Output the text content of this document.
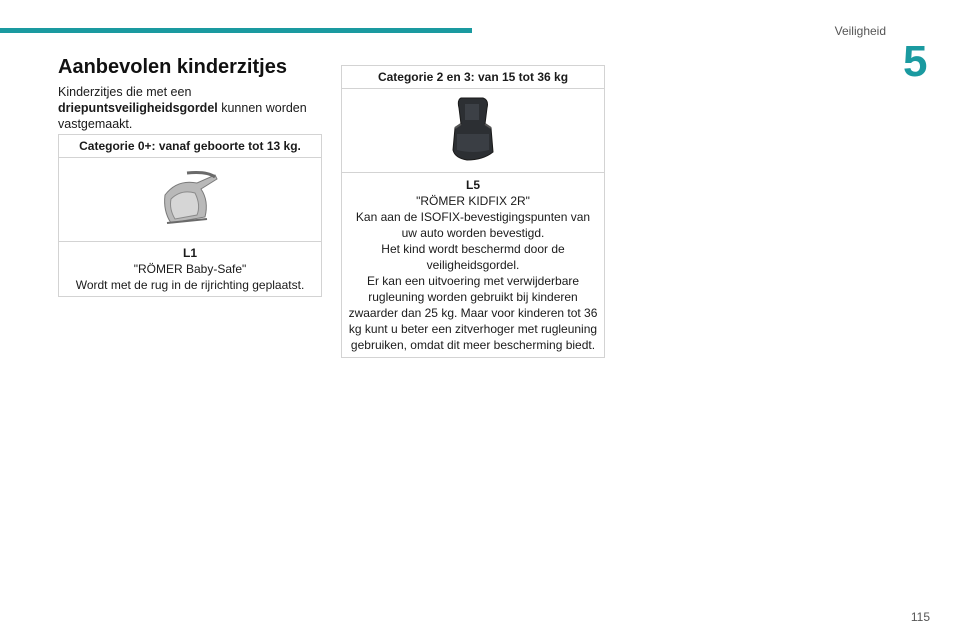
Veiligheid
5
Aanbevolen kinderzitjes

Kinderzitjes die met een
driepuntsveiligheidsgordel kunnen worden vastgemaakt.

Categorie 0+: vanaf geboorte tot 13 kg.

L1
"RÖMER Baby-Safe"
Wordt met de rug in de rijrichting geplaatst.
Categorie 2 en 3: van 15 tot 36 kg

L5
"RÖMER KIDFIX 2R"
Kan aan de ISOFIX-bevestigingspunten van uw auto worden bevestigd.
Het kind wordt beschermd door de veiligheidsgordel.
Er kan een uitvoering met verwijderbare rugleuning worden gebruikt bij kinderen zwaarder dan 25 kg. Maar voor kinderen tot 36 kg kunt u beter een zitverhoger met rugleuning gebruiken, omdat dit meer bescherming biedt.
115
